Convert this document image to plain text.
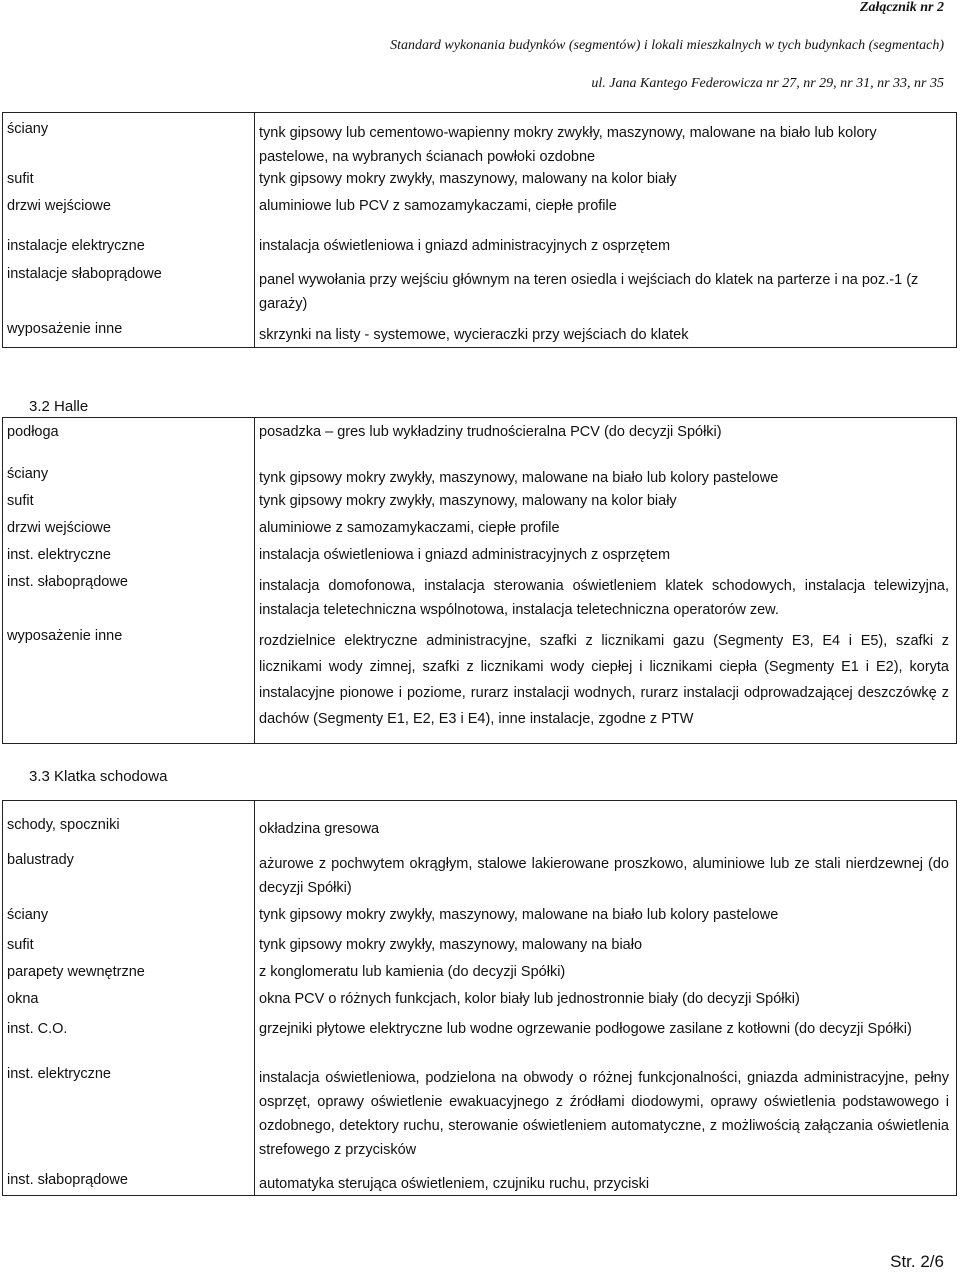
Załącznik nr 2
Standard wykonania budynków (segmentów) i lokali mieszkalnych w tych budynkach (segmentach)
ul. Jana Kantego Federowicza nr 27, nr 29, nr 31, nr 33, nr 35
ściany	tynk gipsowy lub cementowo-wapienny mokry zwykły, maszynowy, malowane na biało lub kolory pastelowe, na wybranych ścianach powłoki ozdobne
sufit	tynk gipsowy mokry zwykły, maszynowy, malowany na kolor biały
drzwi wejściowe	aluminiowe lub PCV z samozamykaczami, ciepłe profile
instalacje elektryczne	instalacja oświetleniowa i gniazd administracyjnych z osprzętem
instalacje słaboprądowe	panel wywołania przy wejściu głównym na teren osiedla i wejściach do klatek na parterze i na poz.-1 (z garaży)
wyposażenie inne	skrzynki na listy - systemowe, wycieraczki przy wejściach do klatek
3.2 Halle
podłoga	posadzka – gres lub wykładziny trudnościeralna PCV (do decyzji Spółki)
ściany	tynk gipsowy mokry zwykły, maszynowy, malowane na biało lub kolory pastelowe
sufit	tynk gipsowy mokry zwykły, maszynowy, malowany na kolor biały
drzwi wejściowe	aluminiowe z samozamykaczami, ciepłe profile
inst. elektryczne	instalacja oświetleniowa i gniazd administracyjnych z osprzętem
inst. słaboprądowe	instalacja domofonowa, instalacja sterowania oświetleniem klatek schodowych, instalacja telewizyjna, instalacja teletechniczna wspólnotowa, instalacja teletechniczna operatorów zew.
wyposażenie inne	rozdzielnice elektryczne administracyjne, szafki z licznikami gazu (Segmenty E3, E4 i E5), szafki z licznikami wody zimnej, szafki z licznikami wody ciepłej i licznikami ciepła (Segmenty E1 i E2), koryta instalacyjne pionowe i poziome, rurarz instalacji wodnych, rurarz instalacji odprowadzającej deszczówkę z dachów (Segmenty E1, E2, E3 i E4), inne instalacje, zgodne z PTW
3.3 Klatka schodowa
schody, spoczniki	okładzina gresowa
balustrady	ażurowe z pochwytem okrągłym, stalowe lakierowane proszkowo, aluminiowe lub ze stali nierdzewnej (do decyzji Spółki)
ściany	tynk gipsowy mokry zwykły, maszynowy, malowane na biało lub kolory pastelowe
sufit	tynk gipsowy mokry zwykły, maszynowy, malowany na biało
parapety wewnętrzne	z konglomeratu lub kamienia (do decyzji Spółki)
okna	okna PCV o różnych funkcjach, kolor biały lub jednostronnie biały (do decyzji Spółki)
inst. C.O.	grzejniki płytowe elektryczne lub wodne ogrzewanie podłogowe zasilane z kotłowni (do decyzji Spółki)
inst. elektryczne	instalacja oświetleniowa, podzielona na obwody o różnej funkcjonalności, gniazda administracyjne, pełny osprzęt, oprawy oświetlenie ewakuacyjnego z źródłami diodowymi, oprawy oświetlenia podstawowego i ozdobnego, detektory ruchu, sterowanie oświetleniem automatyczne, z możliwością załączania oświetlenia strefowego z przycisków
inst. słaboprądowe	automatyka sterująca oświetleniem, czujniku ruchu, przyciski
Str. 2/6
